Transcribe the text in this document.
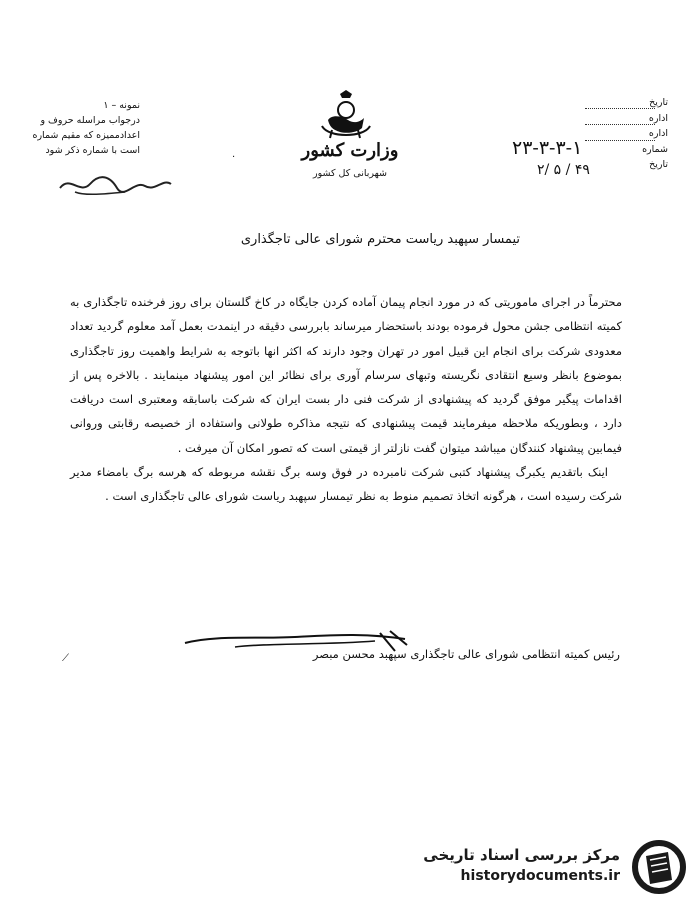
نمونه – ۱
درجواب مراسله حروف و
اعدادمميزه که مقيم شماره
است با شماره ذکر شود	وزارت کشور
شهربانی کل کشور
·
تاریخ
اداره
اداره
شماره
تاریخ
۲۳-۳-۳-۱
۲/ ۵ / ۴۹
تیمسار سپهبد ریاست محترم شورای عالی تاجگذاری

محترماً در اجرای ماموریتی که در مورد انجام پیمان آماده کردن جایگاه در کاخ گلستان برای روز فرخنده تاجگذاری به کمیته انتظامی جشن محول فرموده بودند باستحضار میرساند بابررسی دقیقه در اینمدت بعمل آمد معلوم گردید تعداد معدودی شرکت برای انجام این قبیل امور در تهران وجود دارند که اکثر انها باتوجه به شرایط واهمیت روز تاجگذاری بموضوع بانظر وسیع انتقادی نگریسته وتبهای سرسام آوری برای نظائر این امور پیشنهاد مینمایند . بالاخره پس از اقدامات پیگیر موفق گردید که پیشنهادی از شرکت فنی دار بست ایران که شرکت باسابقه ومعتبری است دریافت دارد ، وبطوریکه ملاحظه میفرمایند قیمت پیشنهادی که نتیجه مذاکره طولانی واستفاده از خصیصه رقابتی وروانی فیمابین پیشنهاد کنندگان میباشد میتوان گفت نازلتر از قیمتی است که تصور امکان آن میرفت .

اینک باتقدیم یکبرگ پیشنهاد کتبی شرکت نامبرده در فوق وسه برگ نقشه مربوطه که هرسه برگ بامضاء مدیر شرکت رسیده است ، هرگونه اتخاذ تصمیم منوط به نظر تیمسار سپهبد ریاست شورای عالی تاجگذاری است .

رئیس کمیته انتظامی شورای عالی تاجگذاری سپهبد محسن مبصر
⟋
مرکز بررسی اسناد تاریخی
historydocuments.ir
